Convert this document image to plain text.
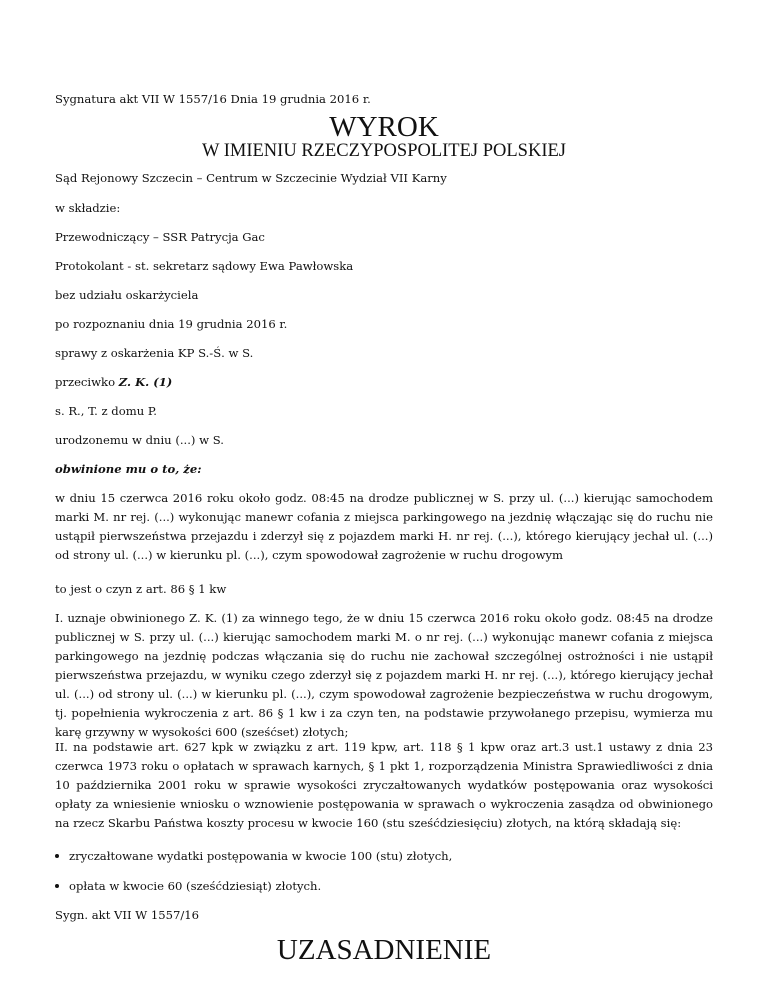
Sygnatura akt VII W 1557/16 Dnia 19 grudnia 2016 r.
WYROK
W IMIENIU RZECZYPOSPOLITEJ POLSKIEJ
Sąd Rejonowy Szczecin – Centrum w Szczecinie Wydział VII Karny
w składzie:
Przewodniczący – SSR Patrycja Gac
Protokolant - st. sekretarz sądowy Ewa Pawłowska
bez udziału oskarżyciela
po rozpoznaniu dnia 19 grudnia 2016 r.
sprawy z oskarżenia KP S.-Ś. w S.
przeciwko Z. K. (1)
s. R., T. z domu P.
urodzonemu w dniu (...) w S.
obwinione mu o to, że:
w dniu 15 czerwca 2016 roku około godz. 08:45 na drodze publicznej w S. przy ul. (...) kierując samochodem marki M. nr rej. (...) wykonując manewr cofania z miejsca parkingowego na jezdnię włączając się do ruchu nie ustąpił pierwszeństwa przejazdu i zderzył się z pojazdem marki H. nr rej. (...), którego kierujący jechał ul. (...) od strony ul. (...) w kierunku pl. (...), czym spowodował zagrożenie w ruchu drogowym
to jest o czyn z art. 86 § 1 kw
I. uznaje obwinionego Z. K. (1) za winnego tego, że w dniu 15 czerwca 2016 roku około godz. 08:45 na drodze publicznej w S. przy ul. (...) kierując samochodem marki M. o nr rej. (...) wykonując manewr cofania z miejsca parkingowego na jezdnię podczas włączania się do ruchu nie zachował szczególnej ostrożności i nie ustąpił pierwszeństwa przejazdu, w wyniku czego zderzył się z pojazdem marki H. nr rej. (...), którego kierujący jechał ul. (...) od strony ul. (...) w kierunku pl. (...), czym spowodował zagrożenie bezpieczeństwa w ruchu drogowym, tj. popełnienia wykroczenia z art. 86 § 1 kw i za czyn ten, na podstawie przywołanego przepisu, wymierza mu karę grzywny w wysokości 600 (sześćset) złotych;
II. na podstawie art. 627 kpk w związku z art. 119 kpw, art. 118 § 1 kpw oraz art.3 ust.1 ustawy z dnia 23 czerwca 1973 roku o opłatach w sprawach karnych, § 1 pkt 1, rozporządzenia Ministra Sprawiedliwości z dnia 10 października 2001 roku w sprawie wysokości zryczałtowanych wydatków postępowania oraz wysokości opłaty za wniesienie wniosku o wznowienie postępowania w sprawach o wykroczenia zasądza od obwinionego na rzecz Skarbu Państwa koszty procesu w kwocie 160 (stu sześćdziesięciu) złotych, na którą składają się:
zryczałtowane wydatki postępowania w kwocie 100 (stu) złotych,
opłata w kwocie 60 (sześćdziesiąt) złotych.
Sygn. akt VII W 1557/16
UZASADNIENIE
